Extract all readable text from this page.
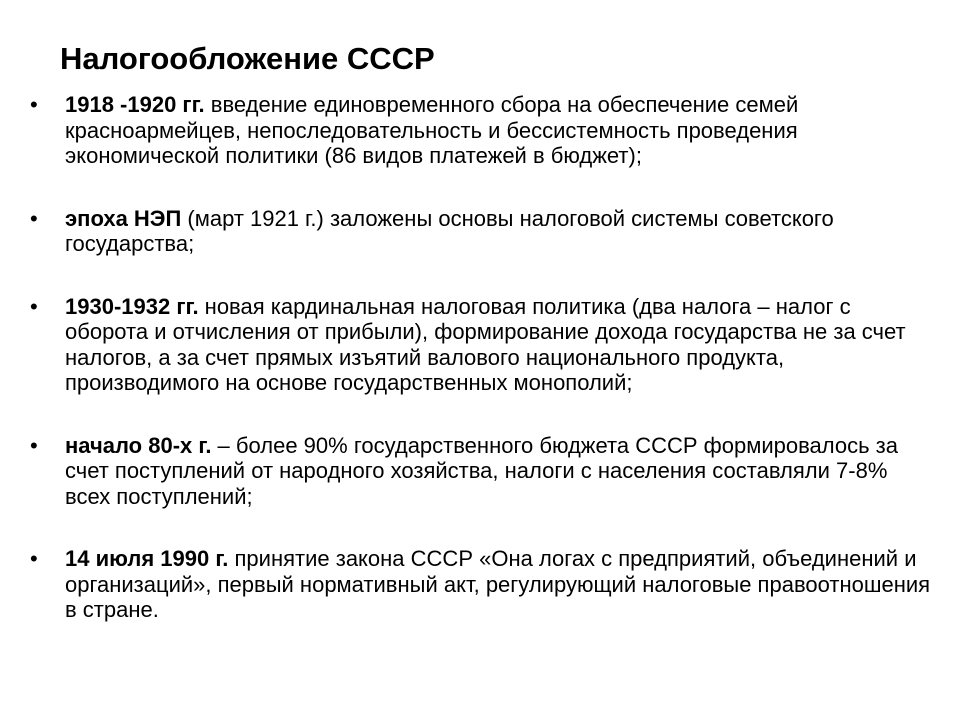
Налогообложение СССР
•	1918 -1920 гг. введение единовременного сбора на обеспечение семей красноармейцев, непоследовательность и бессистемность проведения экономической политики (86 видов платежей в бюджет);
•	эпоха НЭП (март 1921 г.) заложены основы налоговой системы советского государства;
•	1930-1932 гг. новая кардинальная налоговая политика (два налога – налог с оборота и отчисления от прибыли), формирование дохода государства не за счет налогов, а за счет прямых изъятий валового национального продукта, производимого на основе государственных монополий;
•	начало 80-х г. – более 90% государственного бюджета СССР формировалось за счет поступлений от народного хозяйства, налоги с населения составляли 7-8% всех поступлений;
•	14 июля 1990 г. принятие закона СССР «Она логах с предприятий, объединений и организаций», первый нормативный акт, регулирующий налоговые правоотношения в стране.
